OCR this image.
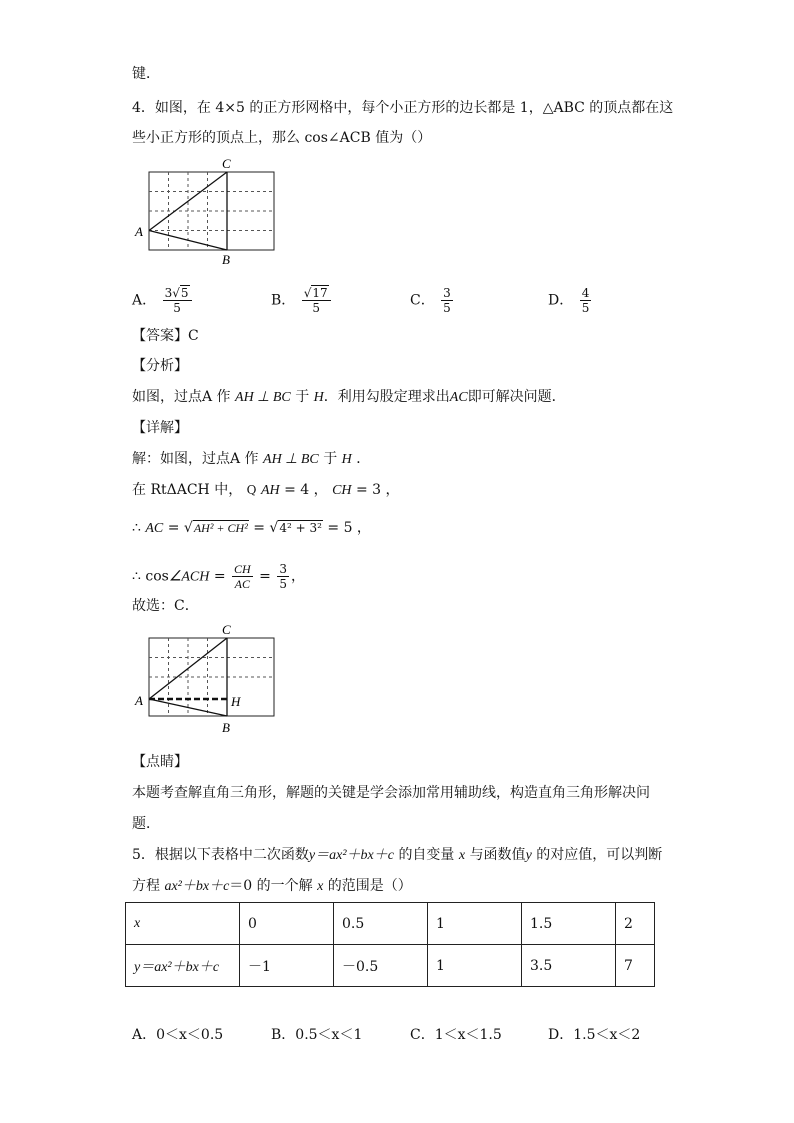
键．
4．如图，在 4×5 的正方形网格中，每个小正方形的边长都是 1，△ABC 的顶点都在这
些小正方形的顶点上，那么 cos∠ACB 值为（）
A
C
B
A． $\frac{3√5}{5}$	B． $\frac{√17}{5}$	C． $\frac{3}{5}$	D． $\frac{4}{5}$
【答案】C
【分析】
如图，过点A 作 AH ⊥ BC 于 H．利用勾股定理求出AC即可解决问题．
【详解】
解：如图，过点A 作 AH ⊥ BC 于 H ．
在 RtΔACH 中， Q AH = 4 ， CH = 3 ，
∴ AC = √AH² + CH² = √4² + 3² = 5 ，
∴ cos∠ACH = $\frac{CH}{AC} = \frac{3}{5}$ ，
故选：C．
A
C
H
B
【点睛】
本题考查解直角三角形，解题的关键是学会添加常用辅助线，构造直角三角形解决问
题．
5．根据以下表格中二次函数y＝ax²＋bx＋c 的自变量 x 与函数值y 的对应值，可以判断
方程 ax²＋bx＋c＝0 的一个解 x 的范围是（）
x	0	0.5	1	1.5	2
y＝ax²＋bx＋c	－1	－0.5	1	3.5	7
A．0＜x＜0.5	B．0.5＜x＜1	C．1＜x＜1.5	D．1.5＜x＜2
